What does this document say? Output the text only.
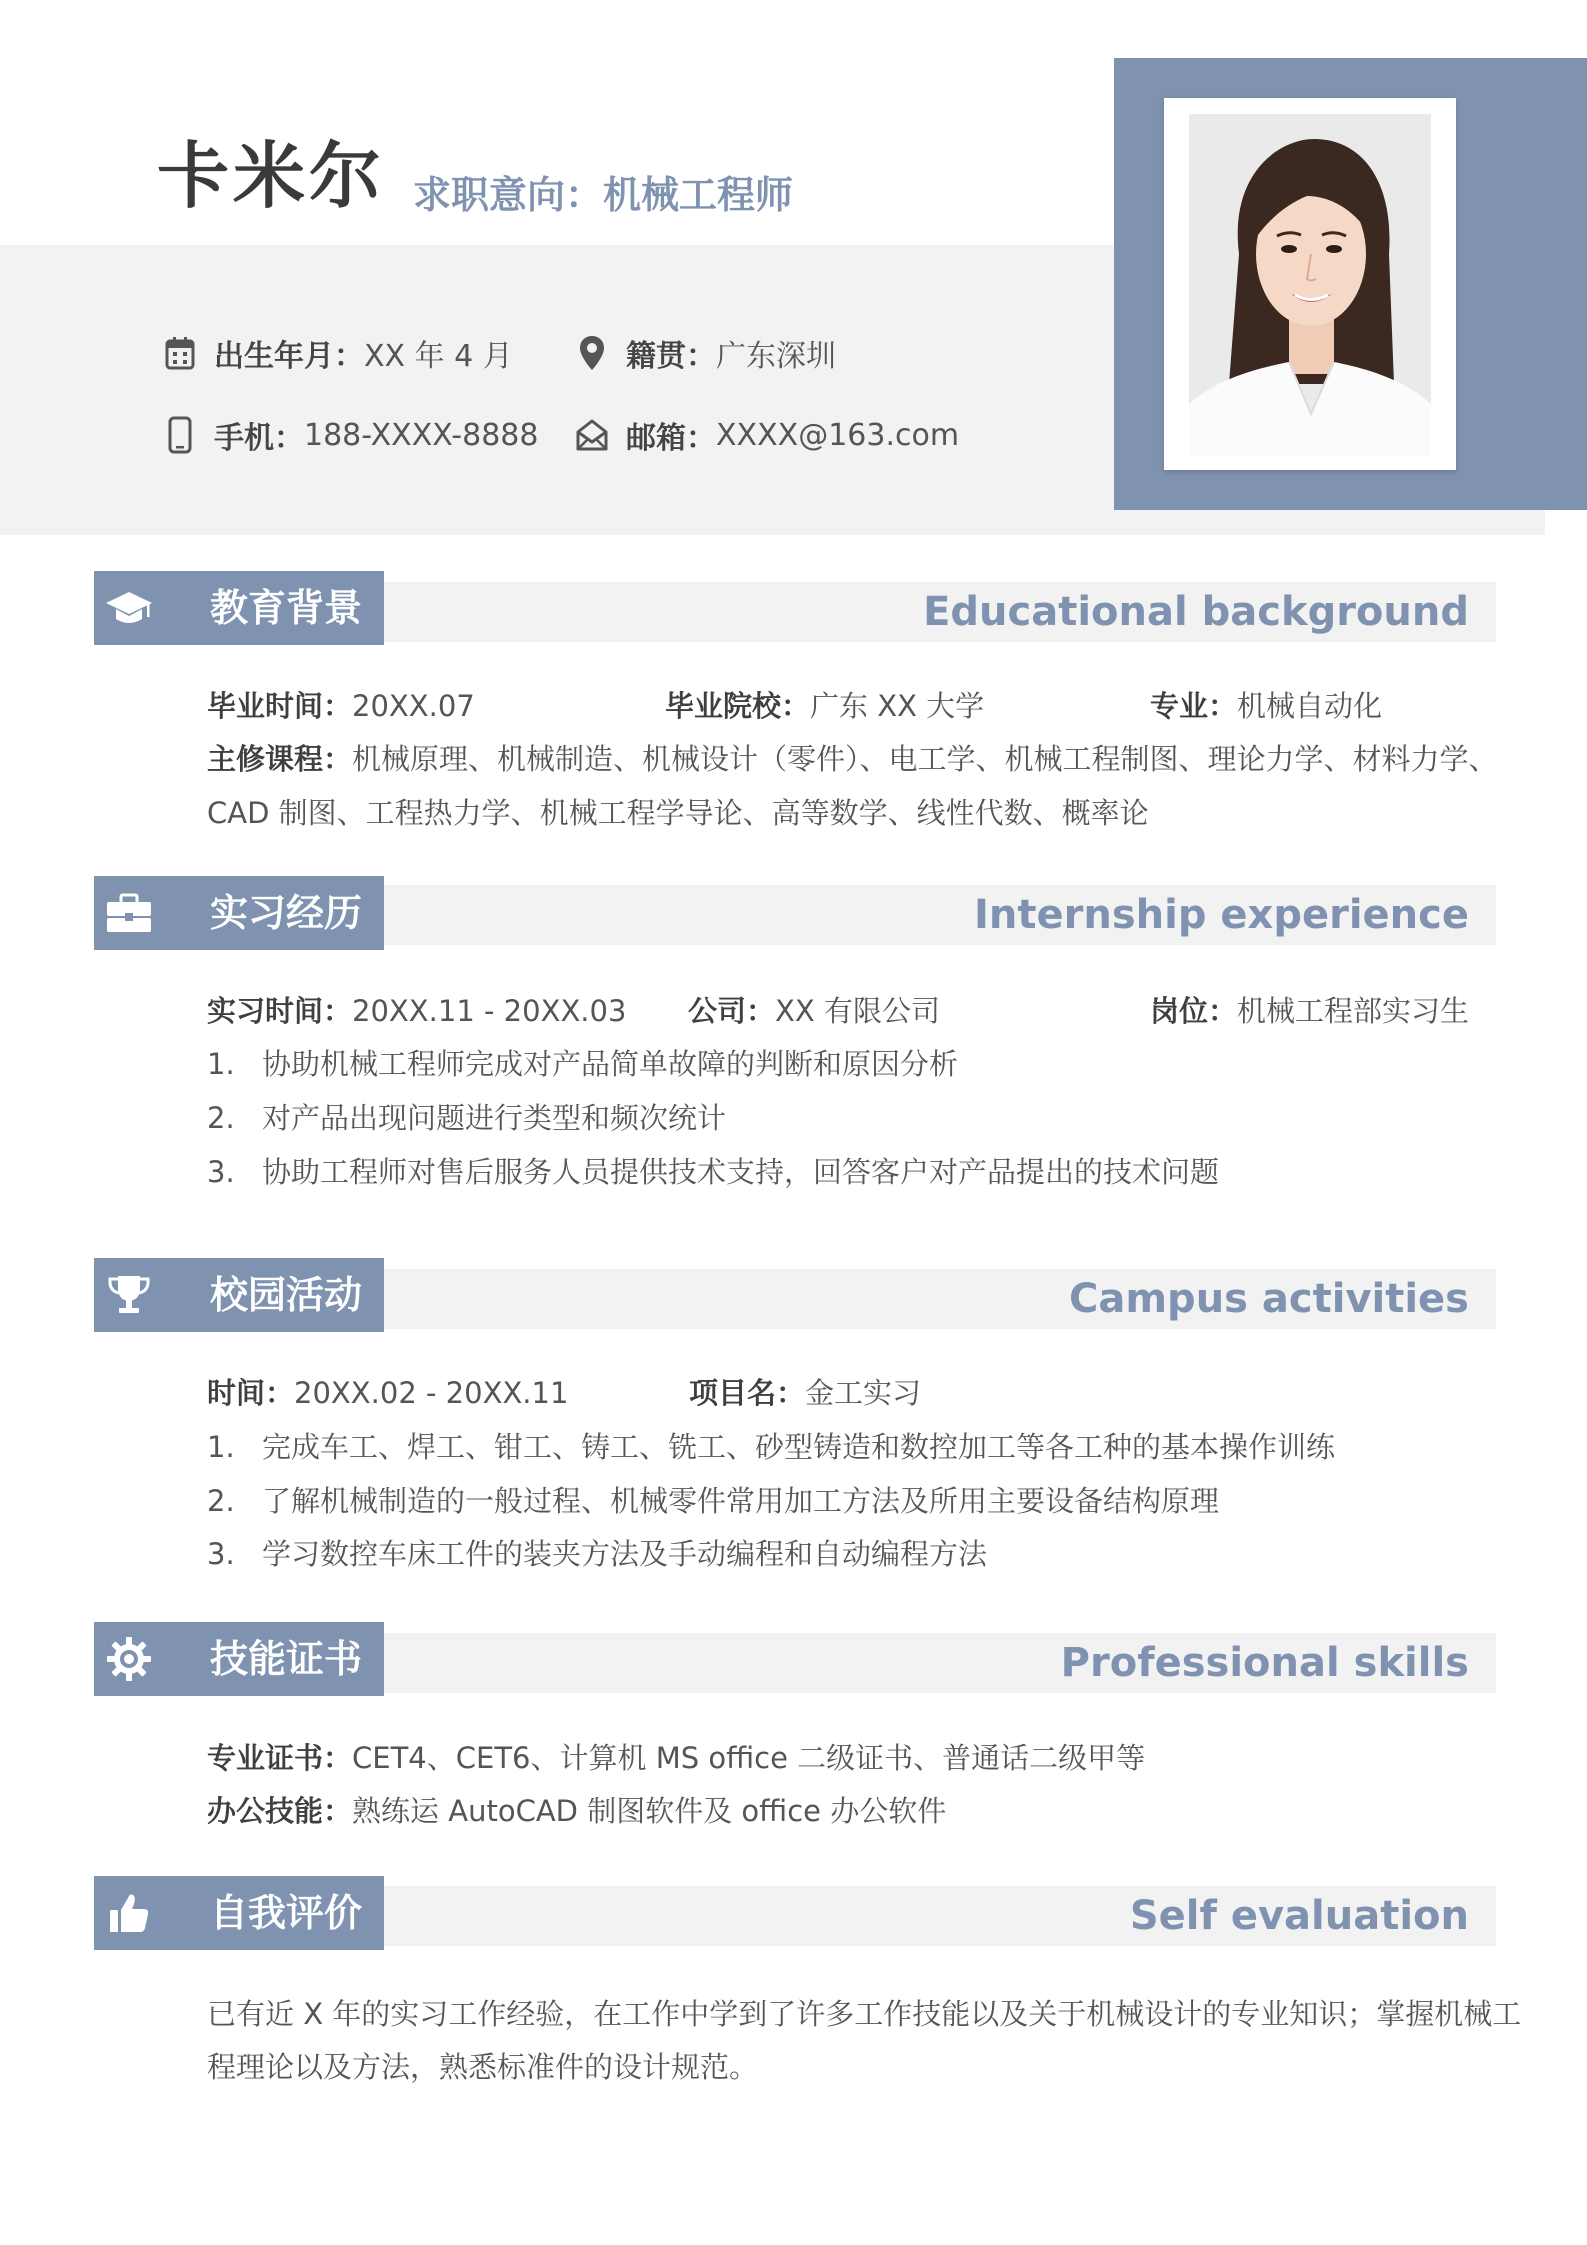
卡米尔 求职意向：机械工程师
出生年月： XX 年 4 月	籍贯： 广东深圳
手机： 188-XXXX-8888	邮箱： XXXX@163.com
Educational background
教育背景
毕业时间：20XX.07	毕业院校：广东 XX 大学	专业：机械自动化
主修课程：机械原理、机械制造、机械设计（零件）、电工学、机械工程制图、理论力学、材料力学、
CAD 制图、工程热力学、机械工程学导论、高等数学、线性代数、概率论
Internship experience
实习经历
实习时间：20XX.11 - 20XX.03 公司：XX 有限公司	岗位：机械工程部实习生
1. 协助机械工程师完成对产品简单故障的判断和原因分析
2. 对产品出现问题进行类型和频次统计
3. 协助工程师对售后服务人员提供技术支持，回答客户对产品提出的技术问题
Campus activities
校园活动
时间：20XX.02 - 20XX.11	项目名：金工实习
1. 完成车工、焊工、钳工、铸工、铣工、砂型铸造和数控加工等各工种的基本操作训练
2. 了解机械制造的一般过程、机械零件常用加工方法及所用主要设备结构原理
3. 学习数控车床工件的装夹方法及手动编程和自动编程方法
Professional skills
技能证书
专业证书：CET4、CET6、计算机 MS office 二级证书、普通话二级甲等
办公技能：熟练运 AutoCAD 制图软件及 office 办公软件
Self evaluation
自我评价
已有近 X 年的实习工作经验，在工作中学到了许多工作技能以及关于机械设计的专业知识；掌握机械工
程理论以及方法，熟悉标准件的设计规范。
